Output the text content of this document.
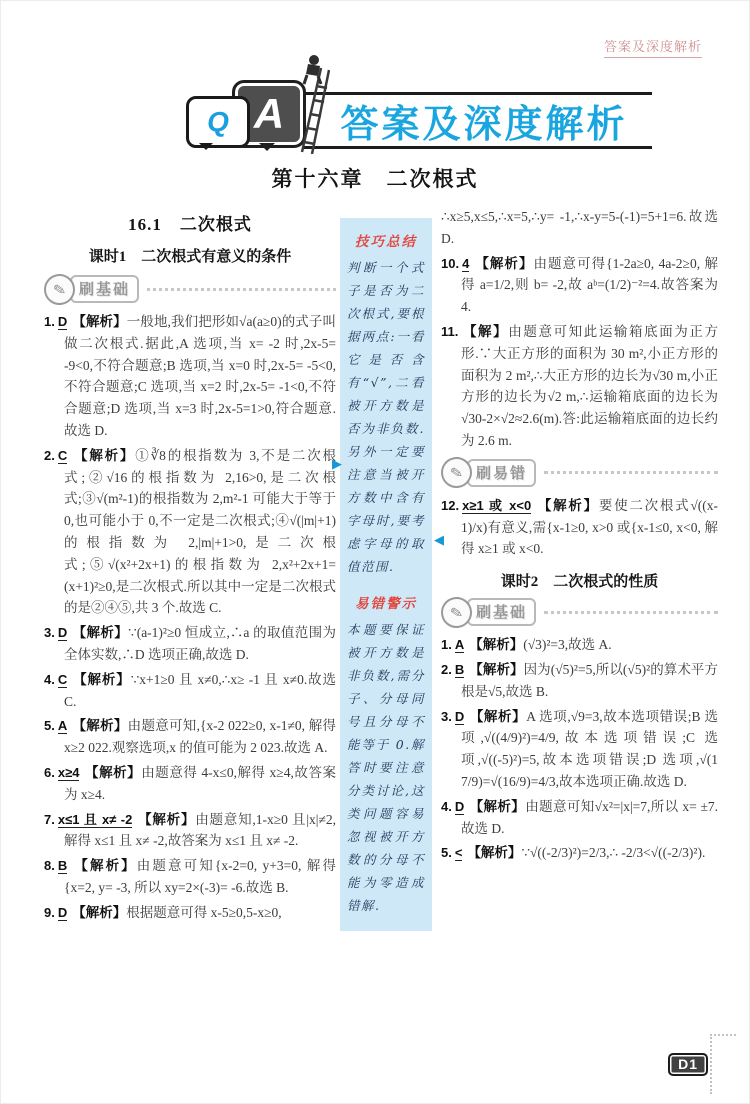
答案及深度解析
Q A	答案及深度解析
第十六章　二次根式
16.1　二次根式
课时1　二次根式有意义的条件
✎ 刷基础
1. D 【解析】一般地,我们把形如√a(a≥0)的式子叫做二次根式.据此,A 选项,当 x= -2 时,2x-5= -9<0,不符合题意;B 选项,当 x=0 时,2x-5= -5<0,不符合题意;C 选项,当 x=2 时,2x-5= -1<0,不符合题意;D 选项,当 x=3 时,2x-5=1>0,符合题意.故选 D.
2. C 【解析】①∛8的根指数为 3,不是二次根式;②√16的根指数为 2,16>0,是二次根式;③√(m²-1)的根指数为 2,m²-1 可能大于等于 0,也可能小于 0,不一定是二次根式;④√(|m|+1)的根指数为 2,|m|+1>0,是二次根式;⑤√(x²+2x+1)的根指数为 2,x²+2x+1=(x+1)²≥0,是二次根式.所以其中一定是二次根式的是②④⑤,共 3 个.故选 C.
3. D 【解析】∵(a-1)²≥0 恒成立,∴a 的取值范围为全体实数,∴D 选项正确,故选 D.
4. C 【解析】∵x+1≥0 且 x≠0,∴x≥ -1 且 x≠0.故选 C.
5. A 【解析】由题意可知,{x-2 022≥0, x-1≠0, 解得 x≥2 022.观察选项,x 的值可能为 2 023.故选 A.
6. x≥4 【解析】由题意得 4-x≤0,解得 x≥4,故答案为 x≥4.
7. x≤1 且 x≠ -2 【解析】由题意知,1-x≥0 且|x|≠2,解得 x≤1 且 x≠ -2,故答案为 x≤1 且 x≠ -2.
8. B 【解析】由题意可知{x-2=0, y+3=0, 解得{x=2, y= -3, 所以 xy=2×(-3)= -6.故选 B.
9. D 【解析】根据题意可得 x-5≥0,5-x≥0,
技巧总结
判断一个式子是否为二次根式,要根据两点:一看它是否含有“√”,二看被开方数是否为非负数.另外一定要注意当被开方数中含有字母时,要考虑字母的取值范围.
易错警示
本题要保证被开方数是非负数,需分子、分母同号且分母不能等于 0.解答时要注意分类讨论,这类问题容易忽视被开方数的分母不能为零造成错解.
▶
◀
∴x≥5,x≤5,∴x=5,∴y= -1,∴x-y=5-(-1)=5+1=6.故选 D.
10. 4 【解析】由题意可得{1-2a≥0, 4a-2≥0, 解得 a=1/2,则 b= -2,故 aᵇ=(1/2)⁻²=4.故答案为 4.
11. 【解】由题意可知此运输箱底面为正方形.∵大正方形的面积为 30 m²,小正方形的面积为 2 m²,∴大正方形的边长为√30 m,小正方形的边长为√2 m,∴运输箱底面的边长为√30-2×√2≈2.6(m).答:此运输箱底面的边长约为 2.6 m.
✎ 刷易错
12. x≥1 或 x<0 【解析】要使二次根式√((x-1)/x)有意义,需{x-1≥0, x>0 或{x-1≤0, x<0, 解得 x≥1 或 x<0.
课时2　二次根式的性质
✎ 刷基础
1. A 【解析】(√3)²=3,故选 A.
2. B 【解析】因为(√5)²=5,所以(√5)²的算术平方根是√5,故选 B.
3. D 【解析】A 选项,√9=3,故本选项错误;B 选项,√((4/9)²)=4/9,故本选项错误;C 选项,√((-5)²)=5,故本选项错误;D 选项,√(1 7/9)=√(16/9)=4/3,故本选项正确.故选 D.
4. D 【解析】由题意可知√x²=|x|=7,所以 x= ±7.故选 D.
5. < 【解析】∵√((-2/3)²)=2/3,∴ -2/3<√((-2/3)²).
D1
